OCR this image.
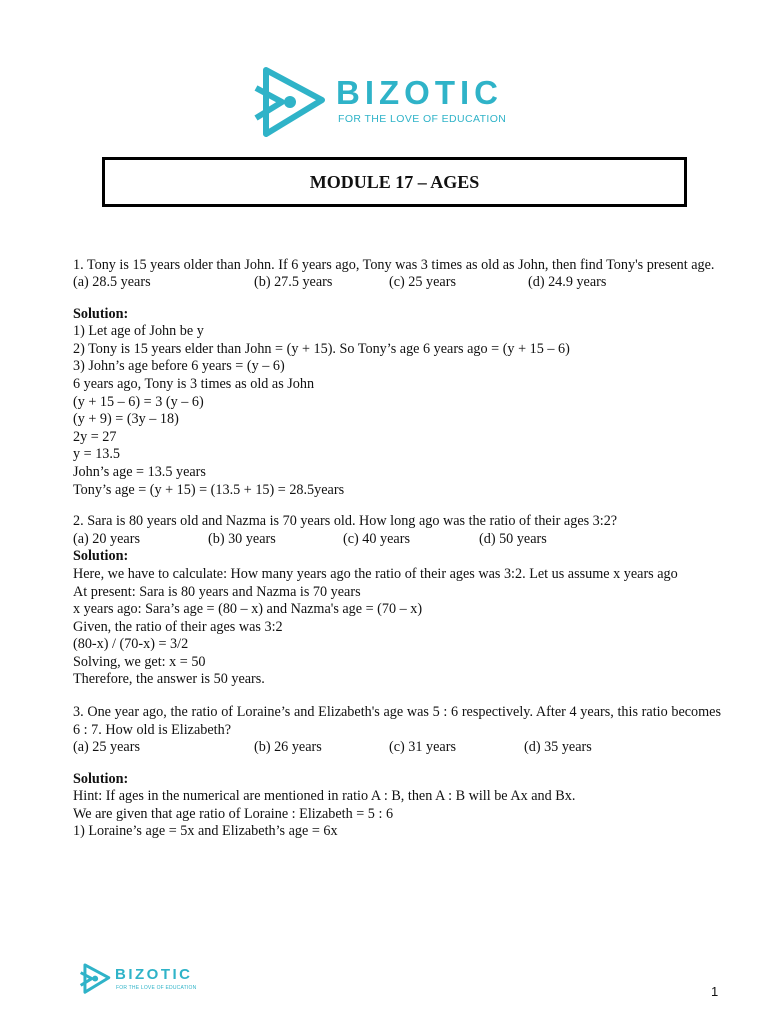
BIZOTIC
FOR THE LOVE OF EDUCATION
MODULE 17 – AGES
1. Tony is 15 years older than John. If 6 years ago, Tony was 3 times as old as John, then find Tony's present age.
(a) 28.5 years	(b) 27.5 years	(c) 25 years	(d) 24.9 years
Solution:
1) Let age of John be y
2) Tony is 15 years elder than John = (y + 15). So Tony’s age 6 years ago = (y + 15 – 6)
3) John’s age before 6 years = (y – 6)
6 years ago, Tony is 3 times as old as John
(y + 15 – 6) = 3 (y – 6)
(y + 9) = (3y – 18)
2y = 27
y = 13.5
John’s age = 13.5 years
Tony’s age = (y + 15) = (13.5 + 15) = 28.5years
2. Sara is 80 years old and Nazma is 70 years old. How long ago was the ratio of their ages 3:2?
(a) 20 years	(b) 30 years	(c) 40 years	(d) 50 years
Solution:
Here, we have to calculate: How many years ago the ratio of their ages was 3:2. Let us assume x years ago
At present: Sara is 80 years and Nazma is 70 years
x years ago: Sara’s age = (80 – x) and Nazma's age = (70 – x)
Given, the ratio of their ages was 3:2
(80-x) / (70-x) = 3/2
Solving, we get: x = 50
Therefore, the answer is 50 years.
3. One year ago, the ratio of Loraine’s and Elizabeth's age was 5 : 6 respectively. After 4 years, this ratio becomes 6 : 7. How old is Elizabeth?
(a) 25 years	(b) 26 years	(c) 31 years	(d) 35 years
Solution:
Hint: If ages in the numerical are mentioned in ratio A : B, then A : B will be Ax and Bx.
We are given that age ratio of Loraine : Elizabeth = 5 : 6
1) Loraine’s age = 5x and Elizabeth’s age = 6x
BIZOTIC
FOR THE LOVE OF EDUCATION	1
